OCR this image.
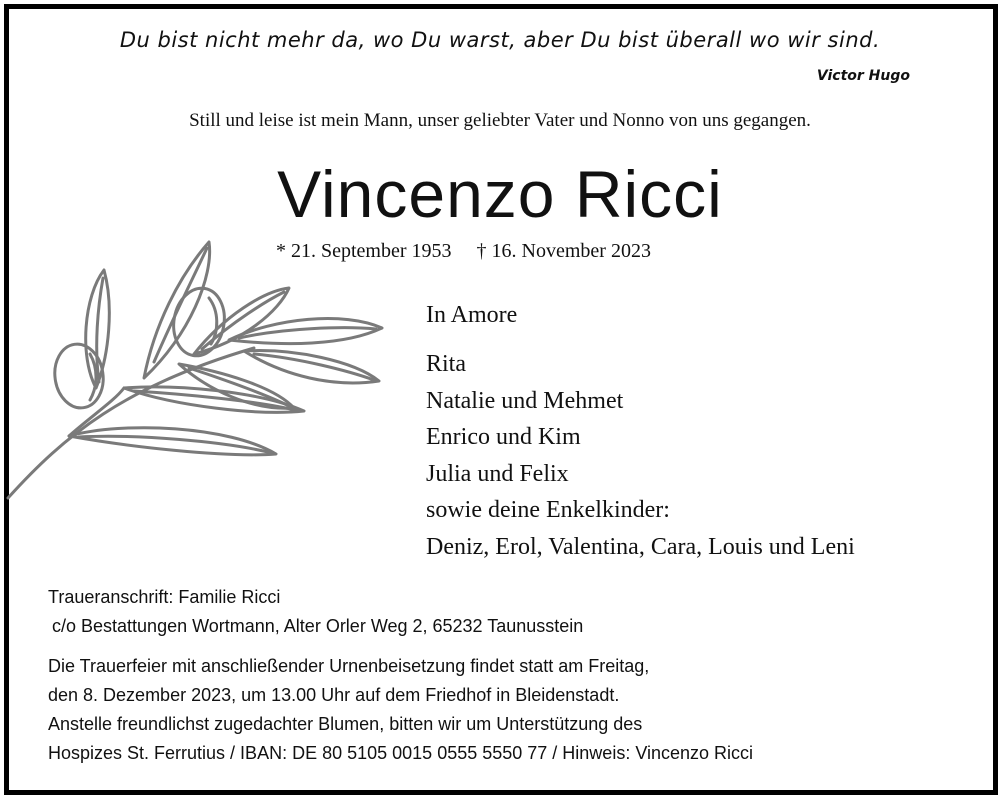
Du bist nicht mehr da, wo Du warst, aber Du bist überall wo wir sind.
Victor Hugo
Still und leise ist mein Mann, unser geliebter Vater und Nonno von uns gegangen.
Vincenzo Ricci
* 21. September 1953 † 16. November 2023
In Amore
Rita
Natalie und Mehmet
Enrico und Kim
Julia und Felix
sowie deine Enkelkinder:
Deniz, Erol, Valentina, Cara, Louis und Leni
Traueranschrift: Familie Ricci
c/o Bestattungen Wortmann, Alter Orler Weg 2, 65232 Taunusstein
Die Trauerfeier mit anschließender Urnenbeisetzung findet statt am Freitag,
den 8. Dezember 2023, um 13.00 Uhr auf dem Friedhof in Bleidenstadt.
Anstelle freundlichst zugedachter Blumen, bitten wir um Unterstützung des
Hospizes St. Ferrutius / IBAN: DE 80 5105 0015 0555 5550 77 / Hinweis: Vincenzo Ricci
